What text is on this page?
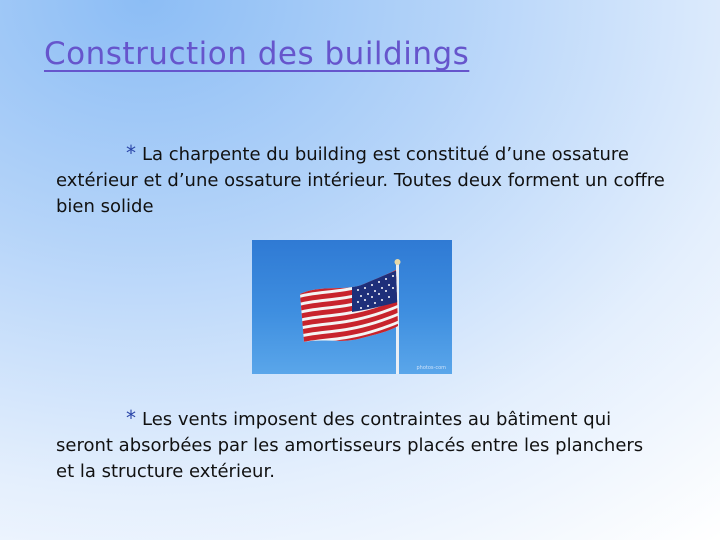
Construction des buildings
* La charpente du building est constitué d’une ossature extérieur et d’une ossature intérieur. Toutes deux forment un coffre bien solide
photos-com
* Les vents imposent des contraintes au bâtiment qui seront absorbées par les amortisseurs placés entre les planchers et la structure extérieur.
